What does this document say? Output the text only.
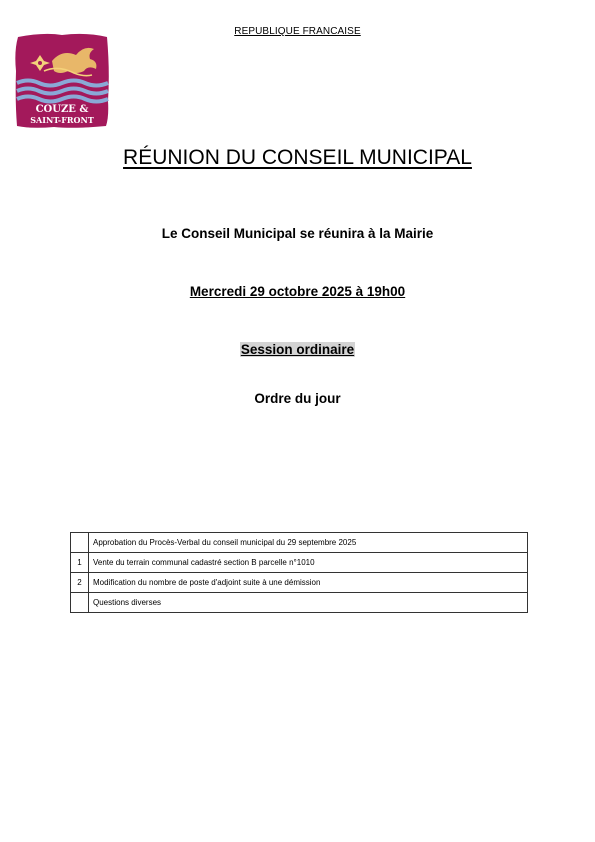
REPUBLIQUE FRANCAISE
COUZE &
SAINT-FRONT
RÉUNION DU CONSEIL MUNICIPAL
Le Conseil Municipal se réunira à la Mairie
Mercredi 29 octobre 2025 à 19h00
Session ordinaire
Ordre du jour
	Approbation du Procès-Verbal du conseil municipal du 29 septembre 2025
1	Vente du terrain communal cadastré section B parcelle n°1010
2	Modification du nombre de poste d'adjoint suite à une démission
	Questions diverses
